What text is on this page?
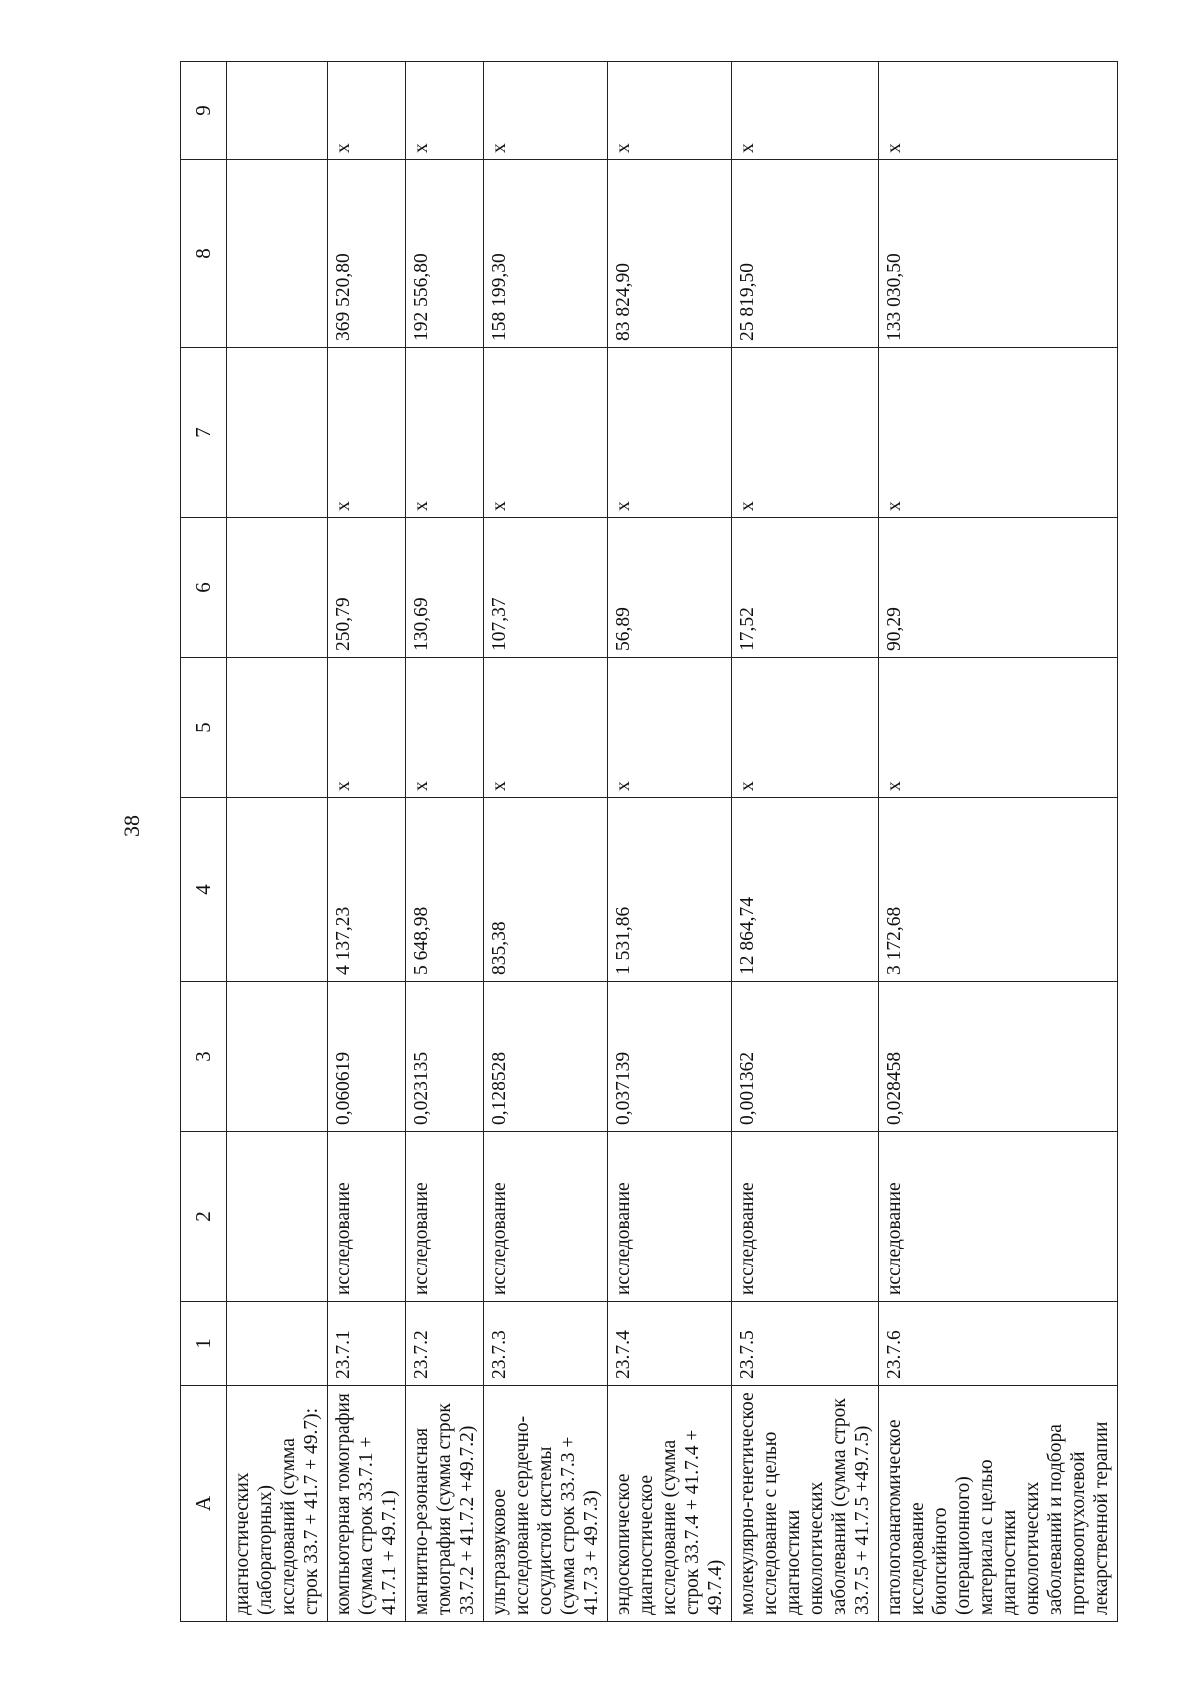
38
А	1	2	3	4	5	6	7	8	9
диагностических (лабораторных) исследований (сумма строк 33.7 + 41.7 + 49.7):									
компьютерная томография (сумма строк 33.7.1 + 41.7.1 + 49.7.1)	23.7.1	исследование	0,060619	4 137,23	х	250,79	х	369 520,80	х
магнитно-резонансная томография (сумма строк 33.7.2 + 41.7.2 +49.7.2)	23.7.2	исследование	0,023135	5 648,98	х	130,69	х	192 556,80	х
ультразвуковое исследование сердечно-сосудистой системы (сумма строк 33.7.3 + 41.7.3 + 49.7.3)	23.7.3	исследование	0,128528	835,38	х	107,37	х	158 199,30	х
эндоскопическое диагностическое исследование (сумма строк 33.7.4 + 41.7.4 + 49.7.4)	23.7.4	исследование	0,037139	1 531,86	х	56,89	х	83 824,90	х
молекулярно-генетическое исследование с целью диагностики онкологических заболеваний (сумма строк 33.7.5 + 41.7.5 +49.7.5)	23.7.5	исследование	0,001362	12 864,74	х	17,52	х	25 819,50	х
патологоанатомическое исследование биопсийного (операционного) материала с целью диагностики онкологических заболеваний и подбора противоопухолевой лекарственной терапии	23.7.6	исследование	0,028458	3 172,68	х	90,29	х	133 030,50	х
